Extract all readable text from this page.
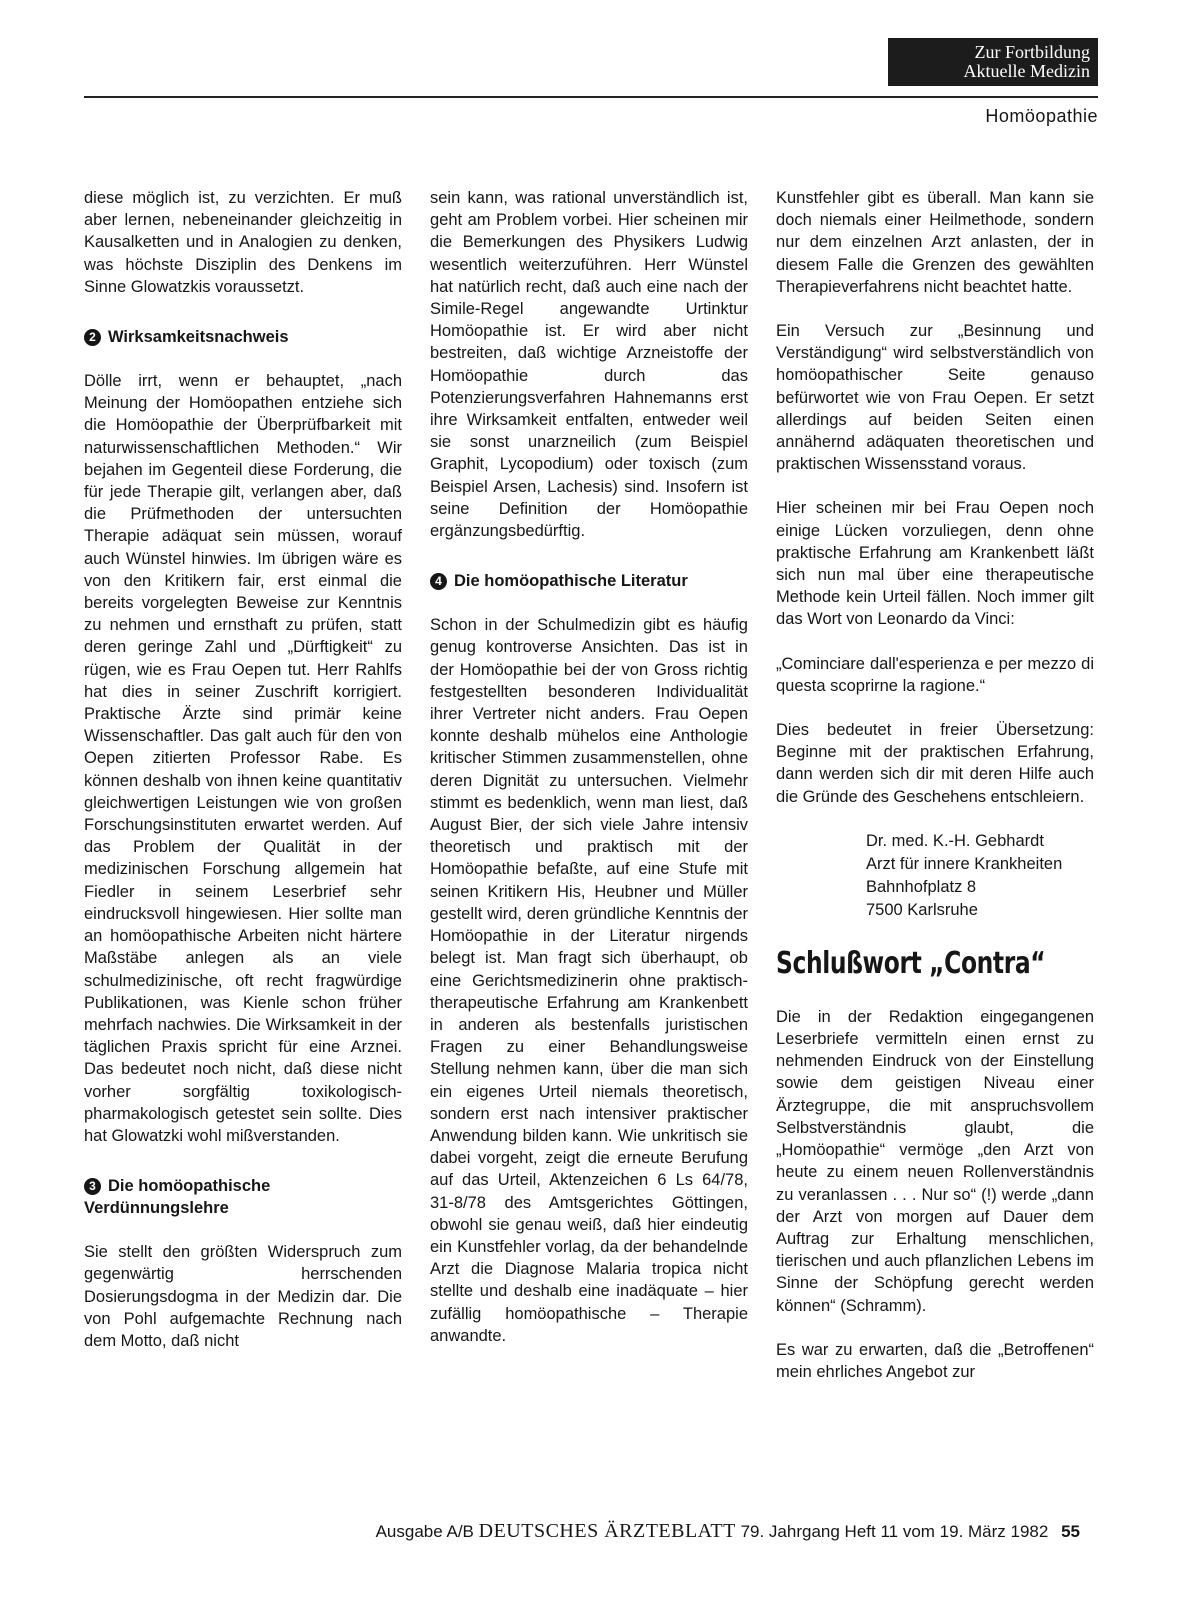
Zur Fortbildung
Aktuelle Medizin
Homöopathie

diese möglich ist, zu verzichten. Er muß aber lernen, nebeneinander gleichzeitig in Kausalketten und in Analogien zu denken, was höchste Disziplin des Denkens im Sinne Glowatzkis voraussetzt.

2 Wirksamkeitsnachweis

Dölle irrt, wenn er behauptet, „nach Meinung der Homöopathen entziehe sich die Homöopathie der Überprüfbarkeit mit naturwissenschaftlichen Methoden.“ Wir bejahen im Gegenteil diese Forderung, die für jede Therapie gilt, verlangen aber, daß die Prüfmethoden der untersuchten Therapie adäquat sein müssen, worauf auch Wünstel hinwies. Im übrigen wäre es von den Kritikern fair, erst einmal die bereits vorgelegten Beweise zur Kenntnis zu nehmen und ernsthaft zu prüfen, statt deren geringe Zahl und „Dürftigkeit“ zu rügen, wie es Frau Oepen tut. Herr Rahlfs hat dies in seiner Zuschrift korrigiert. Praktische Ärzte sind primär keine Wissenschaftler. Das galt auch für den von Oepen zitierten Professor Rabe. Es können deshalb von ihnen keine quantitativ gleichwertigen Leistungen wie von großen Forschungsinstituten erwartet werden. Auf das Problem der Qualität in der medizinischen Forschung allgemein hat Fiedler in seinem Leserbrief sehr eindrucksvoll hingewiesen. Hier sollte man an homöopathische Arbeiten nicht härtere Maßstäbe anlegen als an viele schulmedizinische, oft recht fragwürdige Publikationen, was Kienle schon früher mehrfach nachwies. Die Wirksamkeit in der täglichen Praxis spricht für eine Arznei. Das bedeutet noch nicht, daß diese nicht vorher sorgfältig toxikologisch-pharmakologisch getestet sein sollte. Dies hat Glowatzki wohl mißverstanden.

3 Die homöopathische
Verdünnungslehre

Sie stellt den größten Widerspruch zum gegenwärtig herrschenden Dosierungsdogma in der Medizin dar. Die von Pohl aufgemachte Rechnung nach dem Motto, daß nicht

sein kann, was rational unverständlich ist, geht am Problem vorbei. Hier scheinen mir die Bemerkungen des Physikers Ludwig wesentlich weiterzuführen. Herr Wünstel hat natürlich recht, daß auch eine nach der Simile-Regel angewandte Urtinktur Homöopathie ist. Er wird aber nicht bestreiten, daß wichtige Arzneistoffe der Homöopathie durch das Potenzierungsverfahren Hahnemanns erst ihre Wirksamkeit entfalten, entweder weil sie sonst unarzneilich (zum Beispiel Graphit, Lycopodium) oder toxisch (zum Beispiel Arsen, Lachesis) sind. Insofern ist seine Definition der Homöopathie ergänzungsbedürftig.

4 Die homöopathische Literatur

Schon in der Schulmedizin gibt es häufig genug kontroverse Ansichten. Das ist in der Homöopathie bei der von Gross richtig festgestellten besonderen Individualität ihrer Vertreter nicht anders. Frau Oepen konnte deshalb mühelos eine Anthologie kritischer Stimmen zusammenstellen, ohne deren Dignität zu untersuchen. Vielmehr stimmt es bedenklich, wenn man liest, daß August Bier, der sich viele Jahre intensiv theoretisch und praktisch mit der Homöopathie befaßte, auf eine Stufe mit seinen Kritikern His, Heubner und Müller gestellt wird, deren gründliche Kenntnis der Homöopathie in der Literatur nirgends belegt ist. Man fragt sich überhaupt, ob eine Gerichtsmedizinerin ohne praktisch-therapeutische Erfahrung am Krankenbett in anderen als bestenfalls juristischen Fragen zu einer Behandlungsweise Stellung nehmen kann, über die man sich ein eigenes Urteil niemals theoretisch, sondern erst nach intensiver praktischer Anwendung bilden kann. Wie unkritisch sie dabei vorgeht, zeigt die erneute Berufung auf das Urteil, Aktenzeichen 6 Ls 64/78, 31-8/78 des Amtsgerichtes Göttingen, obwohl sie genau weiß, daß hier eindeutig ein Kunstfehler vorlag, da der behandelnde Arzt die Diagnose Malaria tropica nicht stellte und deshalb eine inadäquate – hier zufällig homöopathische – Therapie anwandte.

Kunstfehler gibt es überall. Man kann sie doch niemals einer Heilmethode, sondern nur dem einzelnen Arzt anlasten, der in diesem Falle die Grenzen des gewählten Therapieverfahrens nicht beachtet hatte.

Ein Versuch zur „Besinnung und Verständigung“ wird selbstverständlich von homöopathischer Seite genauso befürwortet wie von Frau Oepen. Er setzt allerdings auf beiden Seiten einen annähernd adäquaten theoretischen und praktischen Wissensstand voraus.

Hier scheinen mir bei Frau Oepen noch einige Lücken vorzuliegen, denn ohne praktische Erfahrung am Krankenbett läßt sich nun mal über eine therapeutische Methode kein Urteil fällen. Noch immer gilt das Wort von Leonardo da Vinci:

„Cominciare dall'esperienza e per mezzo di questa scoprirne la ragione.“

Dies bedeutet in freier Übersetzung: Beginne mit der praktischen Erfahrung, dann werden sich dir mit deren Hilfe auch die Gründe des Geschehens entschleiern.

Dr. med. K.-H. Gebhardt
Arzt für innere Krankheiten
Bahnhofplatz 8
7500 Karlsruhe
Schlußwort „Contra“

Die in der Redaktion eingegangenen Leserbriefe vermitteln einen ernst zu nehmenden Eindruck von der Einstellung sowie dem geistigen Niveau einer Ärztegruppe, die mit anspruchsvollem Selbstverständnis glaubt, die „Homöopathie“ vermöge „den Arzt von heute zu einem neuen Rollenverständnis zu veranlassen . . . Nur so“ (!) werde „dann der Arzt von morgen auf Dauer dem Auftrag zur Erhaltung menschlichen, tierischen und auch pflanzlichen Lebens im Sinne der Schöpfung gerecht werden können“ (Schramm).

Es war zu erwarten, daß die „Betroffenen“ mein ehrliches Angebot zur

Ausgabe A/B DEUTSCHES ÄRZTEBLATT 79. Jahrgang Heft 11 vom 19. März 1982 55
